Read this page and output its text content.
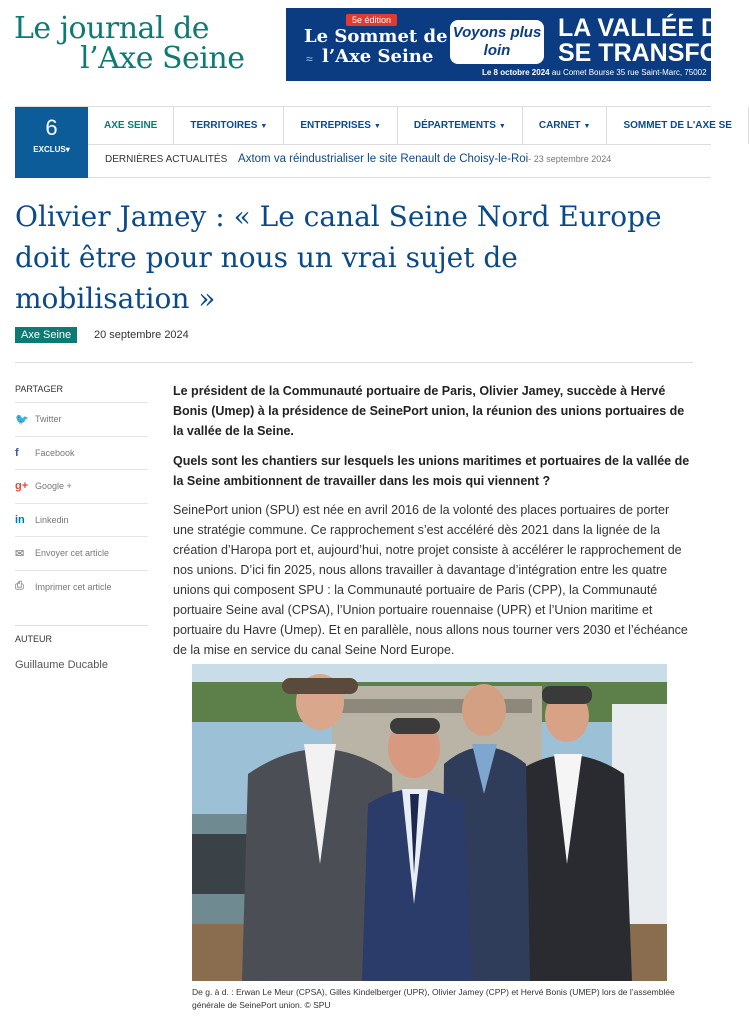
Le journal de
l’Axe Seine
5e édition
Le Sommet de
≈ l’Axe Seine
Voyons plus loin
LA VALLÉE D
SE TRANSFO
Le 8 octobre 2024 au Comet Bourse 35 rue Saint-Marc, 75002
6
EXCLUS▾
AXE SEINE	TERRITOIRES ▼	ENTREPRISES ▼	DÉPARTEMENTS ▼	CARNET ▼	SOMMET DE L'AXE SE
DERNIÈRES ACTUALITÉS Axtom va réindustrialiser le site Renault de Choisy-le-Roi- 23 septembre 2024
Olivier Jamey : « Le canal Seine Nord Europe doit être pour nous un vrai sujet de mobilisation »
Axe Seine	20 septembre 2024
PARTAGER
🐦 Twitter
f	Facebook
g+ Google +
in	Linkedin
✉	Envoyer cet article
⎙	Imprimer cet article
AUTEUR
Guillaume Ducable

Le président de la Communauté portuaire de Paris, Olivier Jamey, succède à Hervé Bonis (Umep) à la présidence de SeinePort union, la réunion des unions portuaires de la vallée de la Seine.

Quels sont les chantiers sur lesquels les unions maritimes et portuaires de la vallée de la Seine ambitionnent de travailler dans les mois qui viennent ?

SeinePort union (SPU) est née en avril 2016 de la volonté des places portuaires de porter une stratégie commune. Ce rapprochement s’est accéléré dès 2021 dans la lignée de la création d’Haropa port et, aujourd’hui, notre projet consiste à accélérer le rapprochement de nos unions. D’ici fin 2025, nous allons travailler à davantage d’intégration entre les quatre unions qui composent SPU : la Communauté portuaire de Paris (CPP), la Communauté portuaire Seine aval (CPSA), l’Union portuaire rouennaise (UPR) et l’Union maritime et portuaire du Havre (Umep). Et en parallèle, nous allons nous tourner vers 2030 et l’échéance de la mise en service du canal Seine Nord Europe.

De g. à d. : Erwan Le Meur (CPSA), Gilles Kindelberger (UPR), Olivier Jamey (CPP) et Hervé Bonis (UMEP) lors de l’assemblée générale de SeinePort union. © SPU
